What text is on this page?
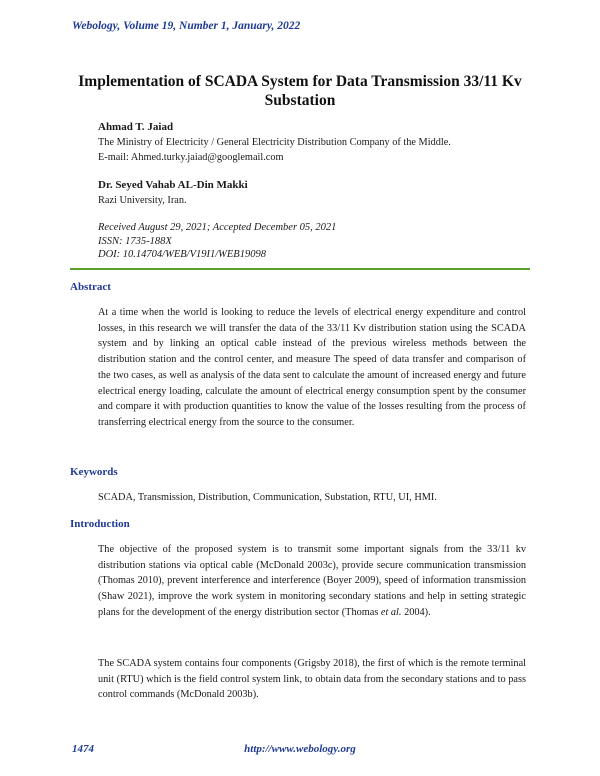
Webology, Volume 19, Number 1, January, 2022
Implementation of SCADA System for Data Transmission 33/11 Kv Substation
Ahmad T. Jaiad
The Ministry of Electricity / General Electricity Distribution Company of the Middle.
E-mail: Ahmed.turky.jaiad@googlemail.com
Dr. Seyed Vahab AL-Din Makki
Razi University, Iran.
Received August 29, 2021; Accepted December 05, 2021
ISSN: 1735-188X
DOI: 10.14704/WEB/V19I1/WEB19098
Abstract
At a time when the world is looking to reduce the levels of electrical energy expenditure and control losses, in this research we will transfer the data of the 33/11 Kv distribution station using the SCADA system and by linking an optical cable instead of the previous wireless methods between the distribution station and the control center, and measure The speed of data transfer and comparison of the two cases, as well as analysis of the data sent to calculate the amount of increased energy and future electrical energy loading, calculate the amount of electrical energy consumption spent by the consumer and compare it with production quantities to know the value of the losses resulting from the process of transferring electrical energy from the source to the consumer.
Keywords
SCADA, Transmission, Distribution, Communication, Substation, RTU, UI, HMI.
Introduction
The objective of the proposed system is to transmit some important signals from the 33/11 kv distribution stations via optical cable (McDonald 2003c), provide secure communication transmission (Thomas 2010), prevent interference and interference (Boyer 2009), speed of information transmission (Shaw 2021), improve the work system in monitoring secondary stations and help in setting strategic plans for the development of the energy distribution sector (Thomas et al. 2004).
The SCADA system contains four components (Grigsby 2018), the first of which is the remote terminal unit (RTU) which is the field control system link, to obtain data from the secondary stations and to pass control commands (McDonald 2003b).
1474	http://www.webology.org
